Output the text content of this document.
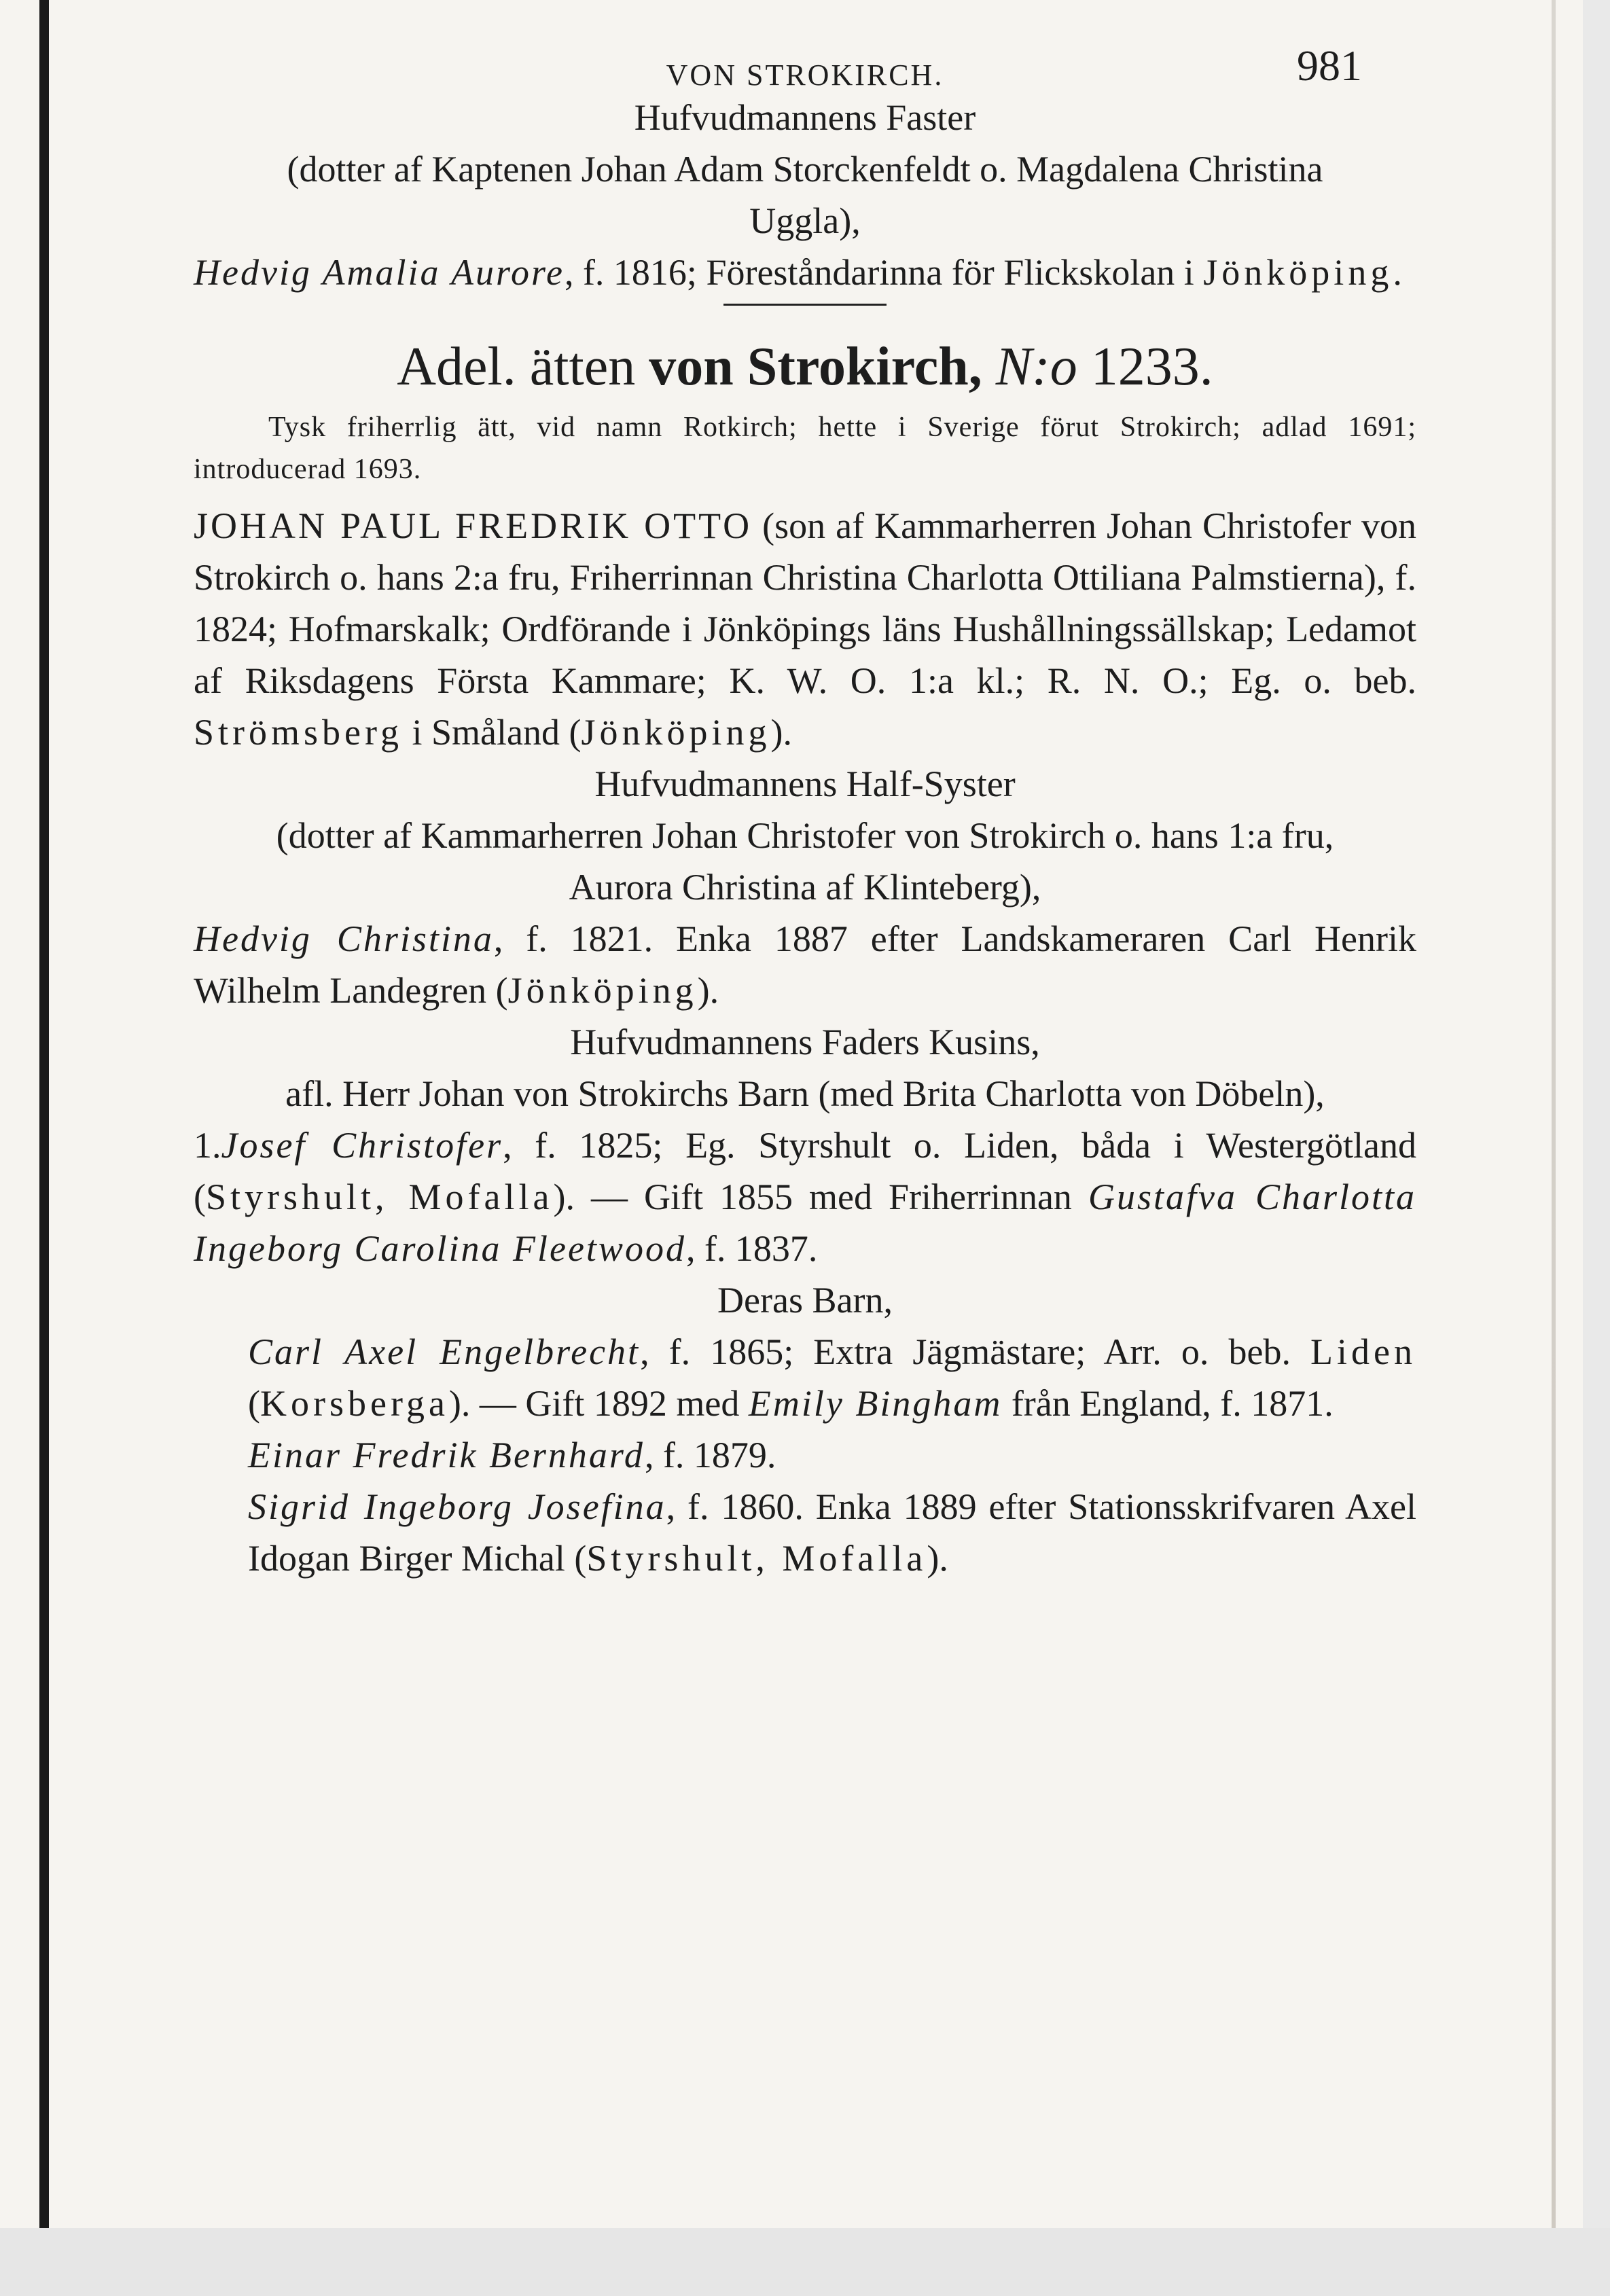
VON STROKIRCH.	981

Hufvudmannens Faster

(dotter af Kaptenen Johan Adam Storckenfeldt o. Magdalena Christina Uggla),

Hedvig Amalia Aurore, f. 1816; Föreståndarinna för Flickskolan i Jönköping.

Adel. ätten von Strokirch, N:o 1233.

Tysk friherrlig ätt, vid namn Rotkirch; hette i Sverige förut Strokirch; adlad 1691; introducerad 1693.

JOHAN PAUL FREDRIK OTTO (son af Kammarherren Johan Christofer von Strokirch o. hans 2:a fru, Friherrinnan Christina Charlotta Ottiliana Palmstierna), f. 1824; Hofmarskalk; Ordförande i Jönköpings läns Hushållningssällskap; Ledamot af Riksdagens Första Kammare; K. W. O. 1:a kl.; R. N. O.; Eg. o. beb. Strömsberg i Småland (Jönköping).

Hufvudmannens Half-Syster

(dotter af Kammarherren Johan Christofer von Strokirch o. hans 1:a fru, Aurora Christina af Klinteberg),

Hedvig Christina, f. 1821. Enka 1887 efter Landskameraren Carl Henrik Wilhelm Landegren (Jönköping).

Hufvudmannens Faders Kusins,

afl. Herr Johan von Strokirchs Barn (med Brita Charlotta von Döbeln),

1.Josef Christofer, f. 1825; Eg. Styrshult o. Liden, båda i Westergötland (Styrshult, Mofalla). — Gift 1855 med Friherrinnan Gustafva Charlotta Ingeborg Carolina Fleetwood, f. 1837.

Deras Barn,

Carl Axel Engelbrecht, f. 1865; Extra Jägmästare; Arr. o. beb. Liden (Korsberga). — Gift 1892 med Emily Bingham från England, f. 1871.

Einar Fredrik Bernhard, f. 1879.

Sigrid Ingeborg Josefina, f. 1860. Enka 1889 efter Stationsskrifvaren Axel Idogan Birger Michal (Styrshult, Mofalla).
